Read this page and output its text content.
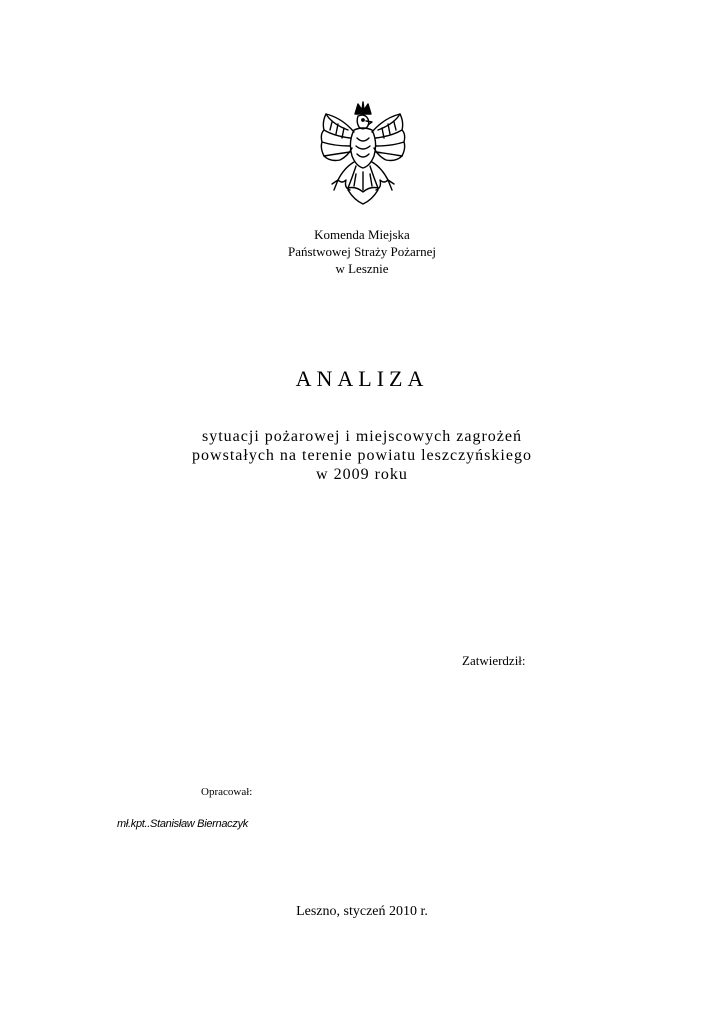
Komenda Miejska
Państwowej Straży Pożarnej
w Lesznie
ANALIZA
sytuacji pożarowej i miejscowych zagrożeń
powstałych na terenie powiatu leszczyńskiego
w 2009 roku
Zatwierdził:
Opracował:
mł.kpt..Stanisław Biernaczyk
Leszno, styczeń 2010 r.
